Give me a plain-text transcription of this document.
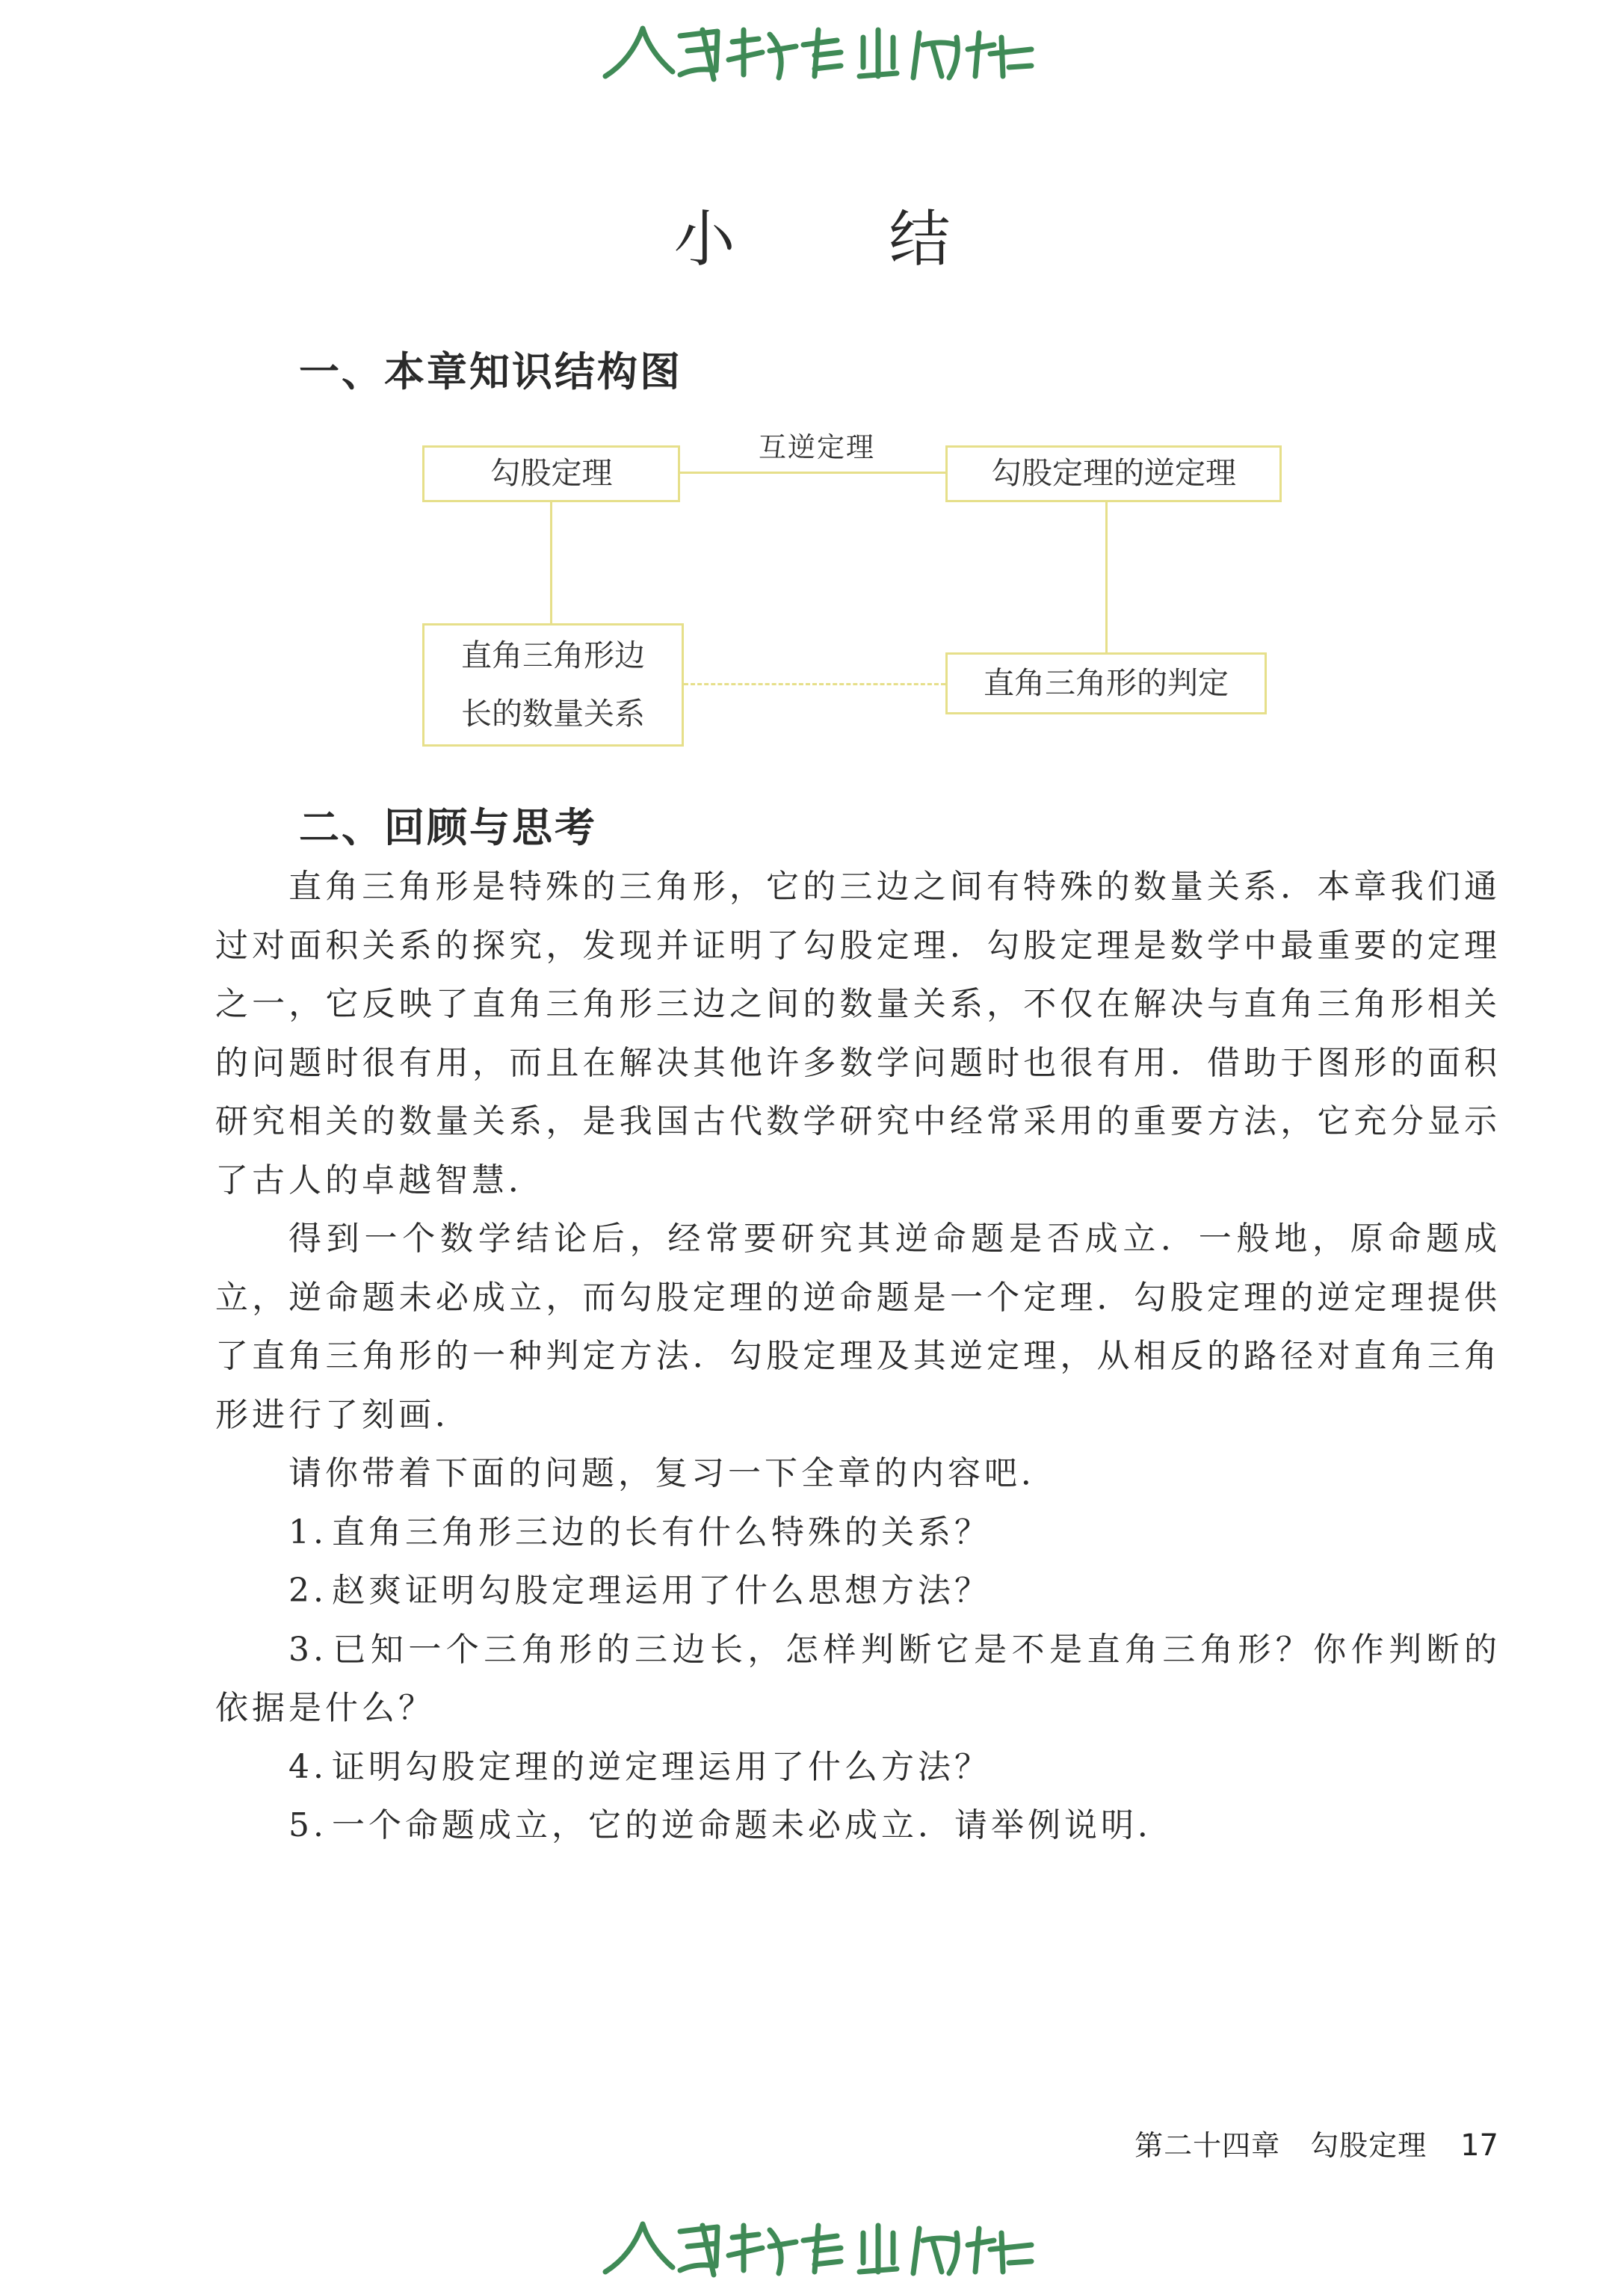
小 结
一、本章知识结构图
互逆定理
勾股定理	勾股定理的逆定理
直角三角形边
长的数量关系
直角三角形的判定
二、回顾与思考

直角三角形是特殊的三角形，它的三边之间有特殊的数量关系．本章我们通过对面积关系的探究，发现并证明了勾股定理．勾股定理是数学中最重要的定理之一，它反映了直角三角形三边之间的数量关系，不仅在解决与直角三角形相关的问题时很有用，而且在解决其他许多数学问题时也很有用．借助于图形的面积研究相关的数量关系，是我国古代数学研究中经常采用的重要方法，它充分显示了古人的卓越智慧．

得到一个数学结论后，经常要研究其逆命题是否成立．一般地，原命题成立，逆命题未必成立，而勾股定理的逆命题是一个定理．勾股定理的逆定理提供了直角三角形的一种判定方法．勾股定理及其逆定理，从相反的路径对直角三角形进行了刻画．

请你带着下面的问题，复习一下全章的内容吧．

1. 直角三角形三边的长有什么特殊的关系？
2. 赵爽证明勾股定理运用了什么思想方法？
3. 已知一个三角形的三边长，怎样判断它是不是直角三角形？你作判断的依据是什么？
4. 证明勾股定理的逆定理运用了什么方法？
5. 一个命题成立，它的逆命题未必成立．请举例说明．
第二十四章 勾股定理 17
